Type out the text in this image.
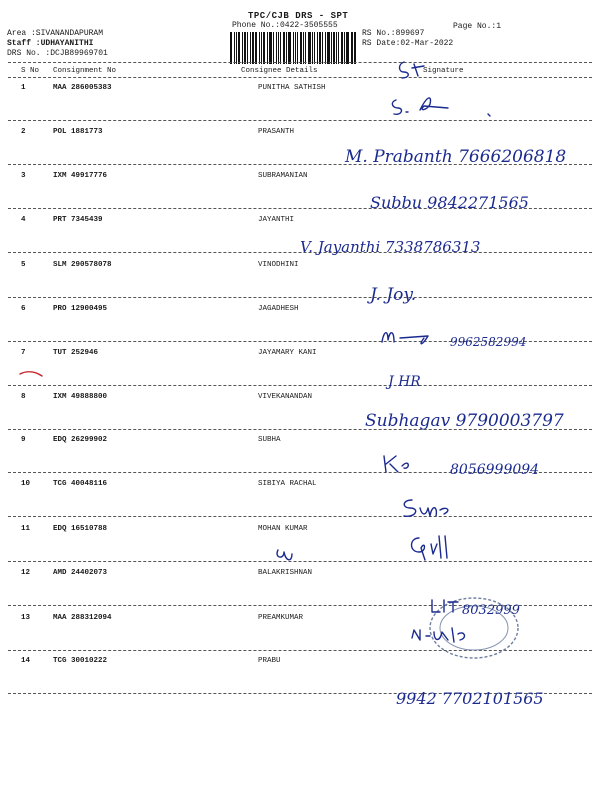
TPC/CJB DRS - SPT
Phone No.:0422-3505555	Page No.:1
Area :SIVANANDAPURAM
Staff :UDHAYANITHI
DRS No. :DCJB89969701
RS No.:899697
RS Date:02-Mar-2022
S No Consignment No	Consignee Details	Signature
1	MAA 286005383	PUNITHA SATHISH
2	POL 1881773	PRASANTH
3	IXM 49917776	SUBRAMANIAN
4	PRT 7345439	JAYANTHI
5	SLM 290578078	VINODHINI
6	PRO 12900495	JAGADHESH
7	TUT 252946	JAYAMARY KANI
8	IXM 49888800	VIVEKANANDAN
9	EDQ 26299902	SUBHA
10	TCG 40048116	SIBIYA RACHAL
11	EDQ 16510788	MOHAN KUMAR
12	AMD 24402073	BALAKRISHNAN
13	MAA 288312094	PREAMKUMAR
14	TCG 30010222	PRABU
M. Prabanth 7666206818
Subbu 9842271565
V. Jayanthi 7338786313
J. Joy.
9962582994
J HR
Subhagav 9790003797
8056999094
8032999
9942 7702101565
